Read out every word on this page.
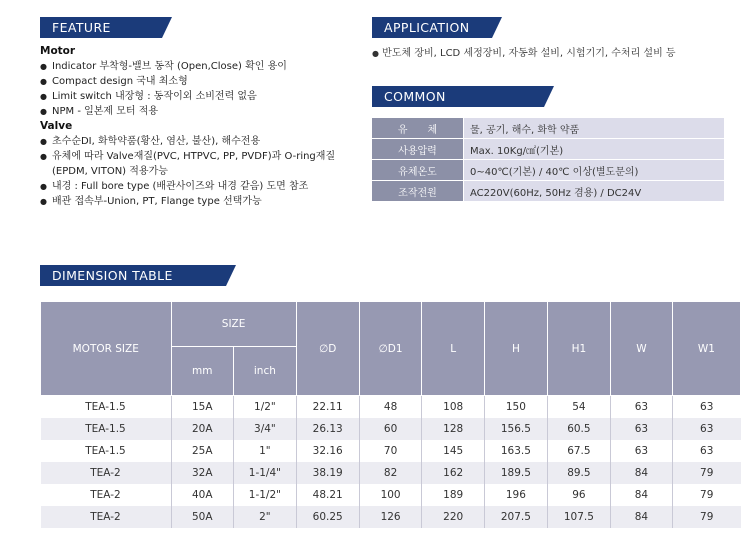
FEATURE	APPLICATION
COMMON
DIMENSION TABLE

Motor

● Indicator 부착형-밸브 동작 (Open,Close) 확인 용이

● Compact design 국내 최소형

● Limit switch 내장형 : 동작이외 소비전력 없음

● NPM - 일본제 모터 적용

Valve

● 초수순DI, 화학약품(황산, 염산, 불산), 해수전용

● 유체에 따라 Valve재질(PVC, HTPVC, PP, PVDF)과 O-ring재질

(EPDM, VITON) 적용가능

● 내경 : Full bore type (배관사이즈와 내경 같음) 도면 참조

● 배관 접속부-Union, PT, Flange type 선택가능

● 반도체 장비, LCD 세정장비, 자동화 설비, 시험기기, 수처리 설비 등
유　　체	물, 공기, 해수, 화학 약품
사용압력	Max. 10Kg/㎠(기본)
유체온도	0~40℃(기본) / 40℃ 이상(별도문의)
조작전원	AC220V(60Hz, 50Hz 겸용) / DC24V
MOTOR SIZE	SIZE		∅D	∅D1	L	H	H1	W	W1
	mm	inch							
TEA-1.5	15A	1/2"	22.11	48	108	150	54	63	63
TEA-1.5	20A	3/4"	26.13	60	128	156.5	60.5	63	63
TEA-1.5	25A	1"	32.16	70	145	163.5	67.5	63	63
TEA-2	32A	1-1/4"	38.19	82	162	189.5	89.5	84	79
TEA-2	40A	1-1/2"	48.21	100	189	196	96	84	79
TEA-2	50A	2"	60.25	126	220	207.5	107.5	84	79
